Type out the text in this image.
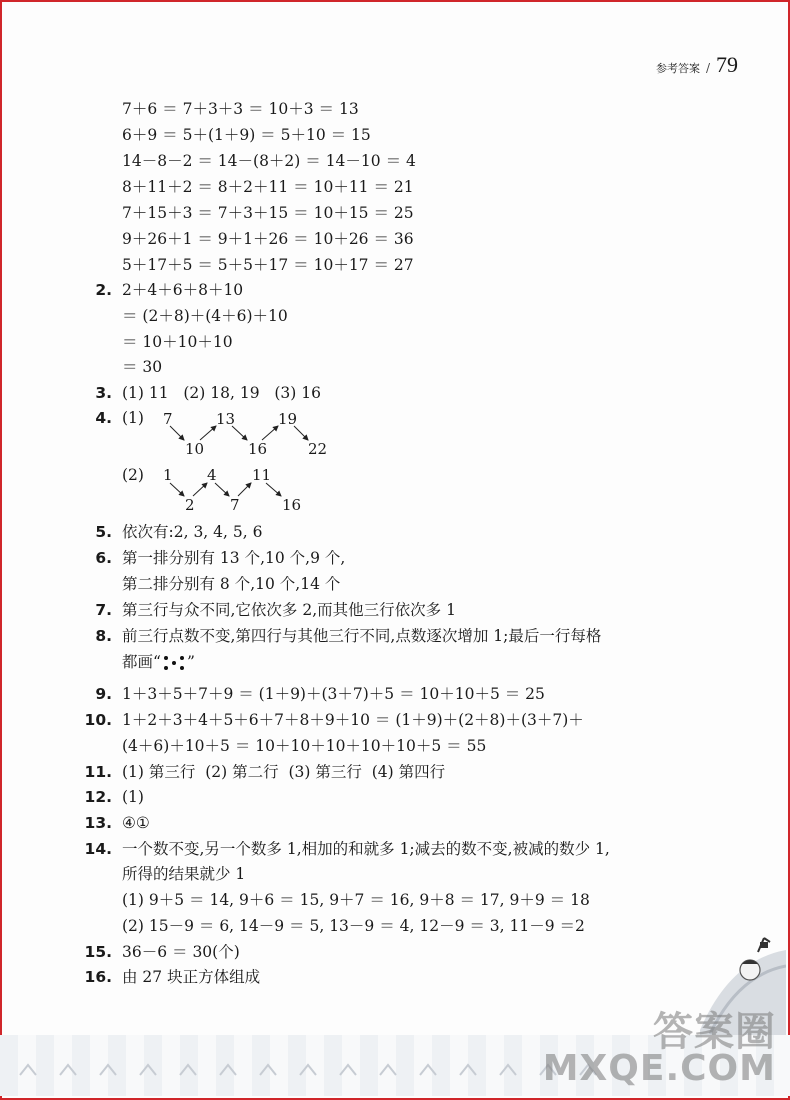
参考答案 / 79
7＋6 ＝ 7＋3＋3 ＝ 10＋3 ＝ 13
6＋9 ＝ 5＋(1＋9) ＝ 5＋10 ＝ 15
14－8－2 ＝ 14－(8＋2) ＝ 14－10 ＝ 4
8＋11＋2 ＝ 8＋2＋11 ＝ 10＋11 ＝ 21
7＋15＋3 ＝ 7＋3＋15 ＝ 10＋15 ＝ 25
9＋26＋1 ＝ 9＋1＋26 ＝ 10＋26 ＝ 36
5＋17＋5 ＝ 5＋5＋17 ＝ 10＋17 ＝ 27
2. 2＋4＋6＋8＋10
＝ (2＋8)＋(4＋6)＋10
＝ 10＋10＋10
＝ 30
3. (1) 11   (2) 18, 19   (3) 16
4. (1) 7
10
13
16
19
22
(2) 1
2
4
7
11
16
5. 依次有:2, 3, 4, 5, 6
6. 第一排分别有 13 个,10 个,9 个,
第二排分别有 8 个,10 个,14 个
7. 第三行与众不同,它依次多 2,而其他三行依次多 1
8. 前三行点数不变,第四行与其他三行不同,点数逐次增加 1;最后一行每格
都画“ ”
9. 1＋3＋5＋7＋9 ＝ (1＋9)＋(3＋7)＋5 ＝ 10＋10＋5 ＝ 25
10. 1＋2＋3＋4＋5＋6＋7＋8＋9＋10 ＝ (1＋9)＋(2＋8)＋(3＋7)＋
(4＋6)＋10＋5 ＝ 10＋10＋10＋10＋10＋5 ＝ 55
11. (1) 第三行  (2) 第二行  (3) 第三行  (4) 第四行
12. (1)
13. ④①
14. 一个数不变,另一个数多 1,相加的和就多 1;减去的数不变,被减的数少 1,
所得的结果就少 1
(1) 9＋5 ＝ 14, 9＋6 ＝ 15, 9＋7 ＝ 16, 9＋8 ＝ 17, 9＋9 ＝ 18
(2) 15－9 ＝ 6, 14－9 ＝ 5, 13－9 ＝ 4, 12－9 ＝ 3, 11－9 ＝2
15. 36－6 ＝ 30(个)
16. 由 27 块正方体组成
答案圈
MXQE.COM
